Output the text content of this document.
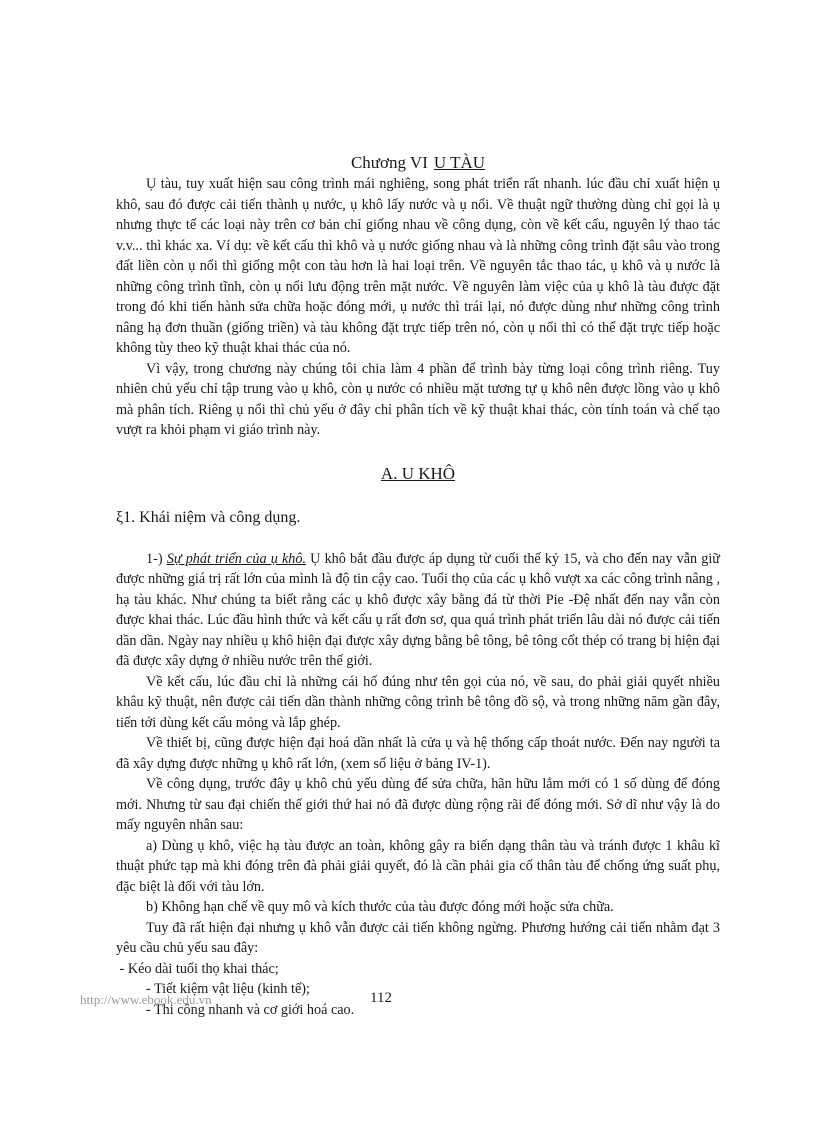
Chương VI U TÀU

Ụ tàu, tuy xuất hiện sau công trình mái nghiêng, song phát triển rất nhanh. lúc đầu chỉ xuất hiện ụ khô, sau đó được cải tiến thành ụ nước, ụ khô lấy nước và ụ nổi. Về thuật ngữ thường dùng chỉ gọi là ụ nhưng thực tế các loại này trên cơ bản chỉ giống nhau về công dụng, còn về kết cấu, nguyên lý thao tác v.v... thì khác xa. Ví dụ: về kết cấu thì khô và ụ nước giống nhau và là những công trình đặt sâu vào trong đất liền còn ụ nổi thì giống một con tàu hơn là hai loại trên. Về nguyên tắc thao tác, ụ khô và ụ nước là những công trình tĩnh, còn ụ nổi lưu động trên mặt nước. Về nguyên làm việc của ụ khô là tàu được đặt trong đó khi tiến hành sửa chữa hoặc đóng mới, ụ nước thì trái lại, nó được dùng như những công trình nâng hạ đơn thuần (giống triền) và tàu không đặt trực tiếp trên nó, còn ụ nổi thì có thể đặt trực tiếp hoặc không tùy theo kỹ thuật khai thác của nó.

Vì vậy, trong chương này chúng tôi chia làm 4 phần để trình bày từng loại công trình riêng. Tuy nhiên chủ yếu chỉ tập trung vào ụ khô, còn ụ nước có nhiều mặt tương tự ụ khô nên được lồng vào ụ khô mà phân tích. Riêng ụ nổi thì chủ yếu ở đây chỉ phân tích về kỹ thuật khai thác, còn tính toán và chế tạo vượt ra khỏi phạm vi giáo trình này.

A. U KHÔ
ξ1. Khái niệm và công dụng.

1-) Sự phát triển của ụ khô. Ụ khô bắt đầu được áp dụng từ cuối thế kỷ 15, và cho đến nay vẫn giữ được những giá trị rất lớn của mình là độ tin cậy cao. Tuổi thọ của các ụ khô vượt xa các công trình nâng , hạ tàu khác. Như chúng ta biết rằng các ụ khô được xây bằng đá từ thời Pie -Đệ nhất đến nay vẫn còn được khai thác. Lúc đầu hình thức và kết cấu ụ rất đơn sơ, qua quá trình phát triển lâu dài nó được cải tiến dần dần. Ngày nay nhiều ụ khô hiện đại được xây dựng bằng bê tông, bê tông cốt thép có trang bị hiện đại đã được xây dựng ở nhiều nước trên thế giới.

Về kết cấu, lúc đầu chỉ là những cái hố đúng như tên gọi của nó, về sau, do phải giải quyết nhiều khâu kỹ thuật, nên được cải tiến dần thành những công trình bê tông đồ sộ, và trong những năm gần đây, tiến tới dùng kết cấu mỏng và lắp ghép.

Về thiết bị, cũng được hiện đại hoá dần nhất là cửa ụ và hệ thống cấp thoát nước. Đến nay người ta đã xây dựng được những ụ khô rất lớn, (xem số liệu ở bảng IV-1).

Về công dụng, trước đây ụ khô chủ yếu dùng để sửa chữa, hãn hữu lắm mới có 1 số dùng để đóng mới. Nhưng từ sau đại chiến thế giới thứ hai nó đã được dùng rộng rãi để đóng mới. Sở dĩ như vậy là do mấy nguyên nhân sau:

a) Dùng ụ khô, việc hạ tàu được an toàn, không gây ra biến dạng thân tàu và tránh được 1 khâu kĩ thuật phức tạp mà khi đóng trên đà phải giải quyết, đó là cần phải gia cố thân tàu để chống ứng suất phụ, đặc biệt là đối với tàu lớn.

b) Không hạn chế về quy mô và kích thước của tàu được đóng mới hoặc sửa chữa.

Tuy đã rất hiện đại nhưng ụ khô vẫn được cải tiến không ngừng. Phương hướng cải tiến nhằm đạt 3 yêu cầu chủ yếu sau đây:

- Kéo dài tuổi thọ khai thác;

- Tiết kiệm vật liệu (kinh tế);

- Thi công nhanh và cơ giới hoá cao.

http://www.ebook.edu.vn	112
